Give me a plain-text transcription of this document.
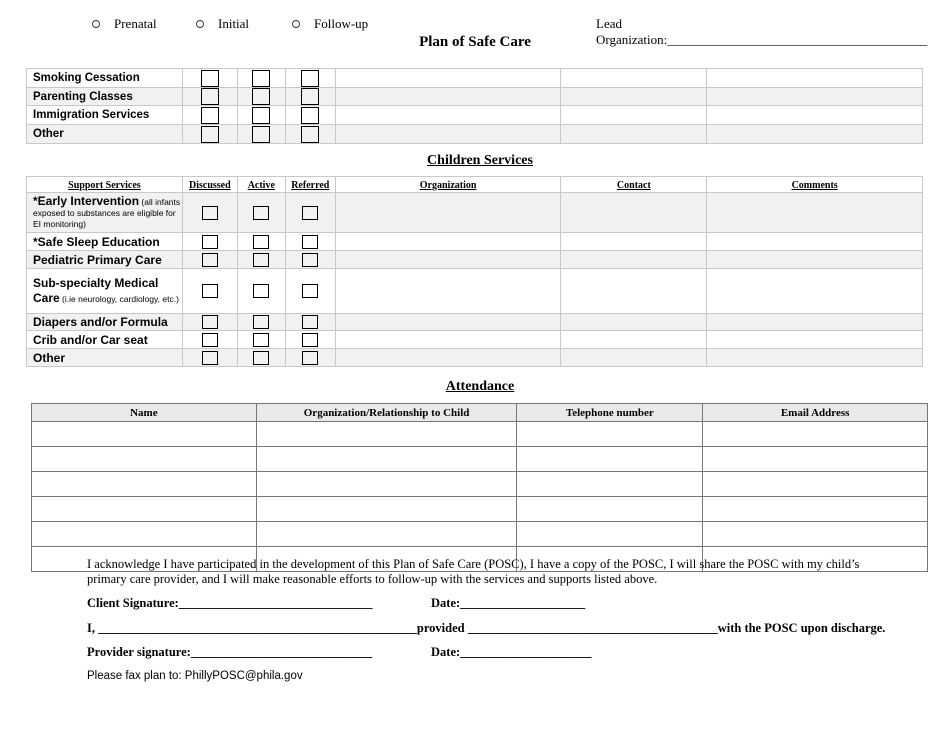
Prenatal	Initial	Follow-up	Lead Organization:________________________________________
Plan of Safe Care
Smoking Cessation						
Parenting Classes						
Immigration Services						
Other						
Children Services
Support Services	Discussed	Active	Referred	Organization	Contact	Comments
*Early Intervention (all infants exposed to substances are eligible for EI monitoring)						
*Safe Sleep Education						
Pediatric Primary Care						
Sub-specialty Medical Care (i.ie neurology, cardiology, etc.)						
Diapers and/or Formula						
Crib and/or Car seat						
Other						
Attendance
Name	Organization/Relationship to Child	Telephone number	Email Address

I acknowledge I have participated in the development of this Plan of Safe Care (POSC), I have a copy of the POSC, I will share the POSC with my child’s primary care provider, and I will make reasonable efforts to follow-up with the services and supports listed above.
Client Signature:_______________________________	Date:____________________
I, ___________________________________________________provided ________________________________________with the POSC upon discharge.
Provider signature:_____________________________	Date:_____________________
Please fax plan to: PhillyPOSC@phila.gov
